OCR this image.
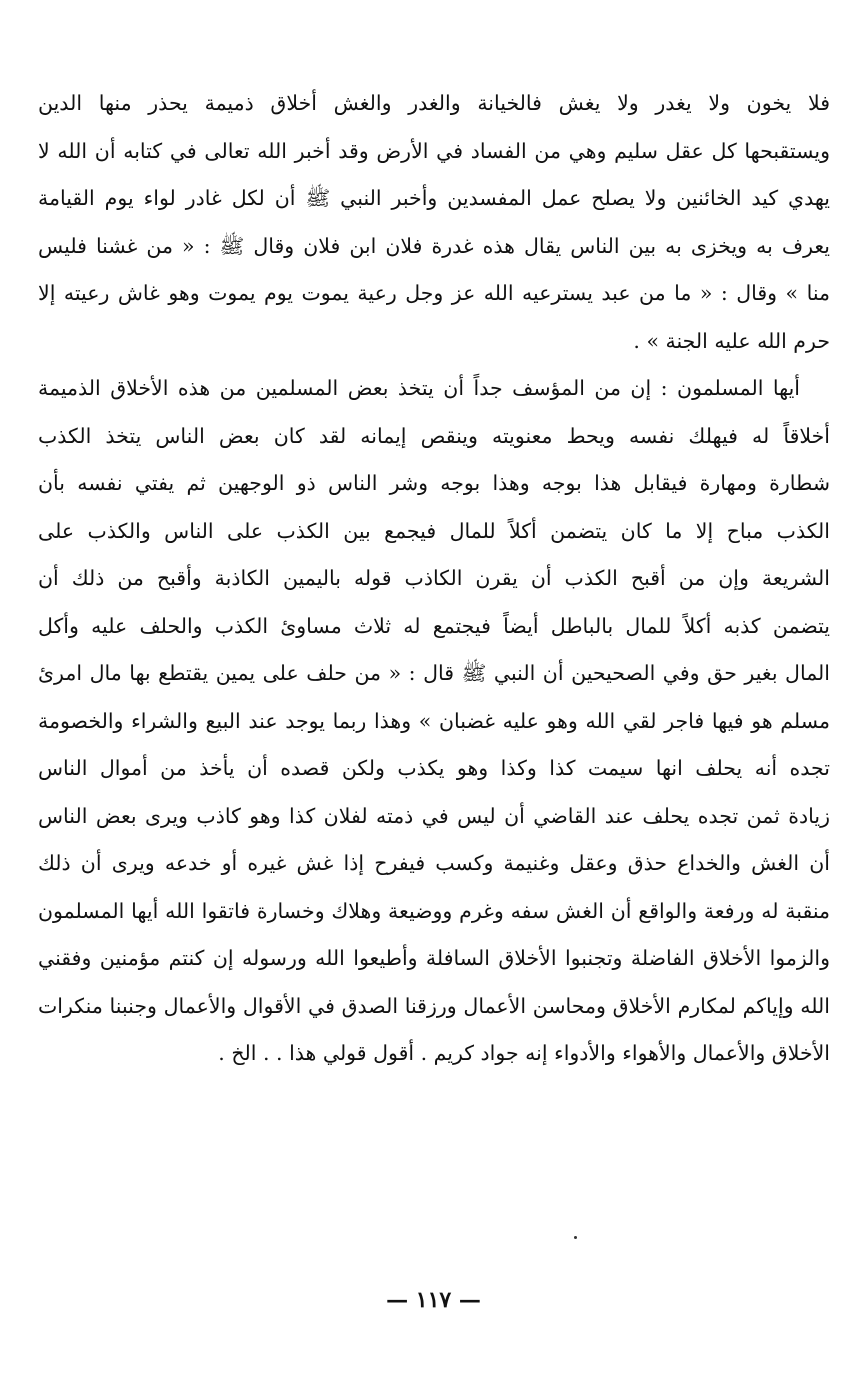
فلا يخون ولا يغدر ولا يغش فالخيانة والغدر والغش أخلاق ذميمة يحذر منها الدين
ويستقبحها كل عقل سليم وهي من الفساد في الأرض وقد أخبر الله تعالى في كتابه أن الله لا
يهدي كيد الخائنين ولا يصلح عمل المفسدين وأخبر النبي ﷺ أن لكل غادر لواء يوم القيامة
يعرف به ويخزى به بين الناس يقال هذه غدرة فلان ابن فلان وقال ﷺ : « من غشنا فليس
منا » وقال : « ما من عبد يسترعيه الله عز وجل رعية يموت يوم يموت وهو غاش رعيته إلا
حرم الله عليه الجنة » .
أيها المسلمون : إن من المؤسف جداً أن يتخذ بعض المسلمين من هذه الأخلاق الذميمة
أخلاقاً له فيهلك نفسه ويحط معنويته وينقص إيمانه لقد كان بعض الناس يتخذ الكذب
شطارة ومهارة فيقابل هذا بوجه وهذا بوجه وشر الناس ذو الوجهين ثم يفتي نفسه بأن
الكذب مباح إلا ما كان يتضمن أكلاً للمال فيجمع بين الكذب على الناس والكذب على
الشريعة وإن من أقبح الكذب أن يقرن الكاذب قوله باليمين الكاذبة وأقبح من ذلك أن
يتضمن كذبه أكلاً للمال بالباطل أيضاً فيجتمع له ثلاث مساوئ الكذب والحلف عليه وأكل
المال بغير حق وفي الصحيحين أن النبي ﷺ قال : « من حلف على يمين يقتطع بها مال امرئ
مسلم هو فيها فاجر لقي الله وهو عليه غضبان » وهذا ربما يوجد عند البيع والشراء والخصومة
تجده أنه يحلف انها سيمت كذا وكذا وهو يكذب ولكن قصده أن يأخذ من أموال الناس
زيادة ثمن تجده يحلف عند القاضي أن ليس في ذمته لفلان كذا وهو كاذب ويرى بعض الناس
أن الغش والخداع حذق وعقل وغنيمة وكسب فيفرح إذا غش غيره أو خدعه ويرى أن ذلك
منقبة له ورفعة والواقع أن الغش سفه وغرم ووضيعة وهلاك وخسارة فاتقوا الله أيها المسلمون
والزموا الأخلاق الفاضلة وتجنبوا الأخلاق السافلة وأطيعوا الله ورسوله إن كنتم مؤمنين وفقني
الله وإياكم لمكارم الأخلاق ومحاسن الأعمال ورزقنا الصدق في الأقوال والأعمال وجنبنا منكرات
الأخلاق والأعمال والأهواء والأدواء إنه جواد كريم . أقول قولي هذا . . الخ .
— ١١٧ —
